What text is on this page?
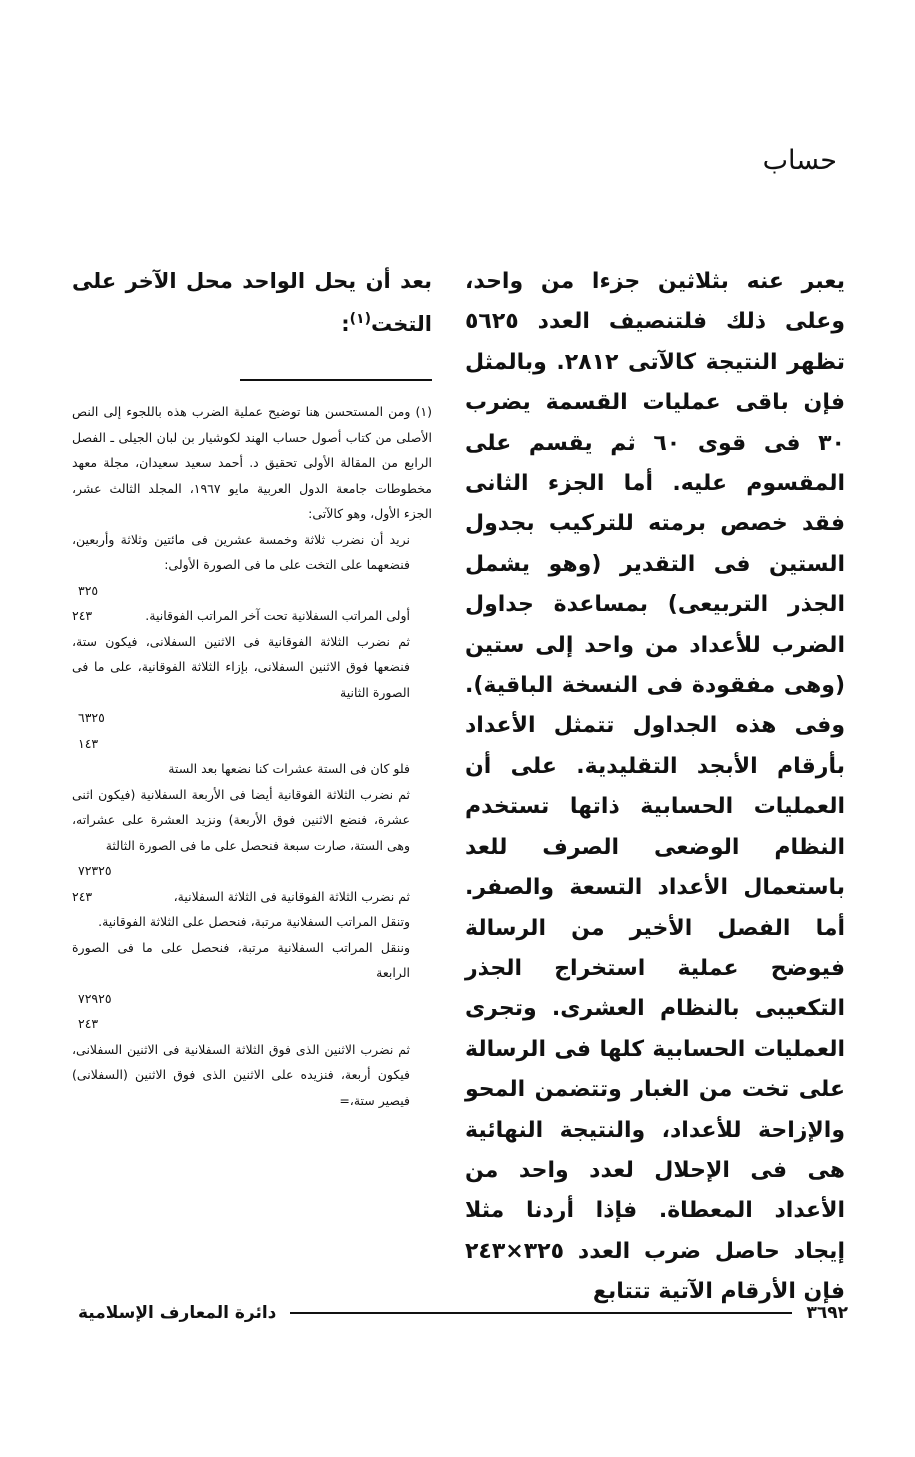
حساب

يعبر عنه بثلاثين جزءا من واحد، وعلى ذلك فلتنصيف العدد ٥٦٢٥ تظهر النتيجة كالآتى ٢٨١٢. وبالمثل فإن باقى عمليات القسمة يضرب ٣٠ فى قوى ٦٠ ثم يقسم على المقسوم عليه. أما الجزء الثانى فقد خصص برمته للتركيب بجدول الستين فى التقدير (وهو يشمل الجذر التربيعى) بمساعدة جداول الضرب للأعداد من واحد إلى ستين (وهى مفقودة فى النسخة الباقية). وفى هذه الجداول تتمثل الأعداد بأرقام الأبجد التقليدية. على أن العمليات الحسابية ذاتها تستخدم النظام الوضعى الصرف للعد باستعمال الأعداد التسعة والصفر. أما الفصل الأخير من الرسالة فيوضح عملية استخراج الجذر التكعيبى بالنظام العشرى. وتجرى العمليات الحسابية كلها فى الرسالة على تخت من الغبار وتتضمن المحو والإزاحة للأعداد، والنتيجة النهائية هى فى الإحلال لعدد واحد من الأعداد المعطاة. فإذا أردنا مثلا إيجاد حاصل ضرب العدد ٣٢٥×٢٤٣ فإن الأرقام الآتية تتتابع

بعد أن يحل الواحد محل الآخر على التخت$^{(١)}$:

(١) ومن المستحسن هنا توضيح عملية الضرب هذه باللجوء إلى النص الأصلى من كتاب أصول حساب الهند لكوشيار بن لبان الجيلى ـ الفصل الرابع من المقالة الأولى تحقيق د. أحمد سعيد سعيدان، مجلة معهد مخطوطات جامعة الدول العربية مايو ١٩٦٧، المجلد الثالث عشر، الجزء الأول، وهو كالآتى:

نريد أن نضرب ثلاثة وخمسة عشرين فى مائتين وثلاثة وأربعين، فنضعهما على التخت على ما فى الصورة الأولى:
٣٢٥
أولى المراتب السفلانية تحت آخر المراتب الفوقانية.
٢٤٣
ثم نضرب الثلاثة الفوقانية فى الاثنين السفلانى، فيكون ستة، فنضعها فوق الاثنين السفلانى، بإزاء الثلاثة الفوقانية، على ما فى الصورة الثانية
٦٣٢٥
١٤٣
فلو كان فى الستة عشرات كنا نضعها بعد الستة
ثم نضرب الثلاثة الفوقانية أيضا فى الأربعة السفلانية (فيكون اثنى عشرة، فنضع الاثنين فوق الأربعة) ونزيد العشرة على عشراته، وهى الستة، صارت سبعة فنحصل على ما فى الصورة الثالثة
٧٢٣٢٥
ثم نضرب الثلاثة الفوقانية فى الثلاثة السفلانية،
٢٤٣
وتنقل المراتب السفلانية مرتبة، فنحصل على الثلاثة الفوقانية.
وننقل المراتب السفلانية مرتبة، فنحصل على ما فى الصورة الرابعة
٧٢٩٢٥
٢٤٣
ثم نضرب الاثنين الذى فوق الثلاثة السفلانية فى الاثنين السفلانى، فيكون أربعة، فنزيده على الاثنين الذى فوق الاثنين (السفلانى) فيصير ستة،=
دائرة المعارف الإسلامية	٣٦٩٢
